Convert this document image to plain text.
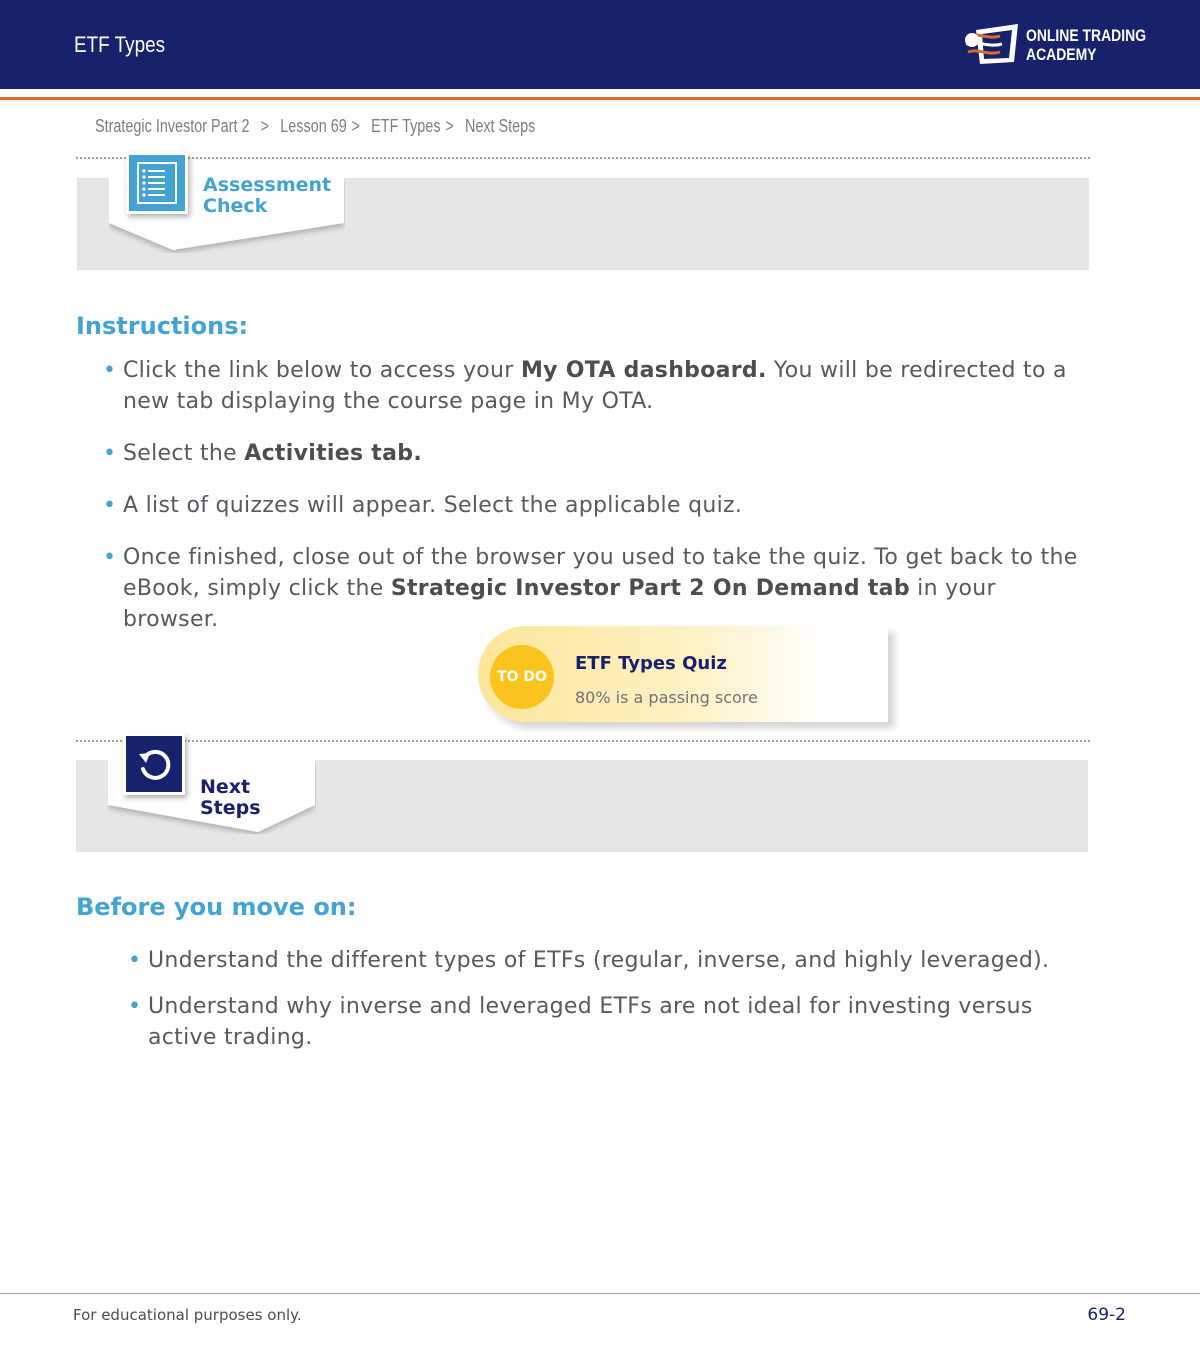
ETF Types	ONLINE TRADING
ACADEMY
Strategic Investor Part 2 > Lesson 69 > ETF Types > Next Steps
Assessment
Check
Instructions:
• Click the link below to access your My OTA dashboard. You will be redirected to a new tab displaying the course page in My OTA.
• Select the Activities tab.
• A list of quizzes will appear. Select the applicable quiz.
• Once finished, close out of the browser you used to take the quiz. To get back to the eBook, simply click the Strategic Investor Part 2 On Demand tab in your browser.
TO DO
ETF Types Quiz
80% is a passing score
Next Steps
Before you move on:
• Understand the different types of ETFs (regular, inverse, and highly leveraged).
• Understand why inverse and leveraged ETFs are not ideal for investing versus active trading.
For educational purposes only.	69-2
